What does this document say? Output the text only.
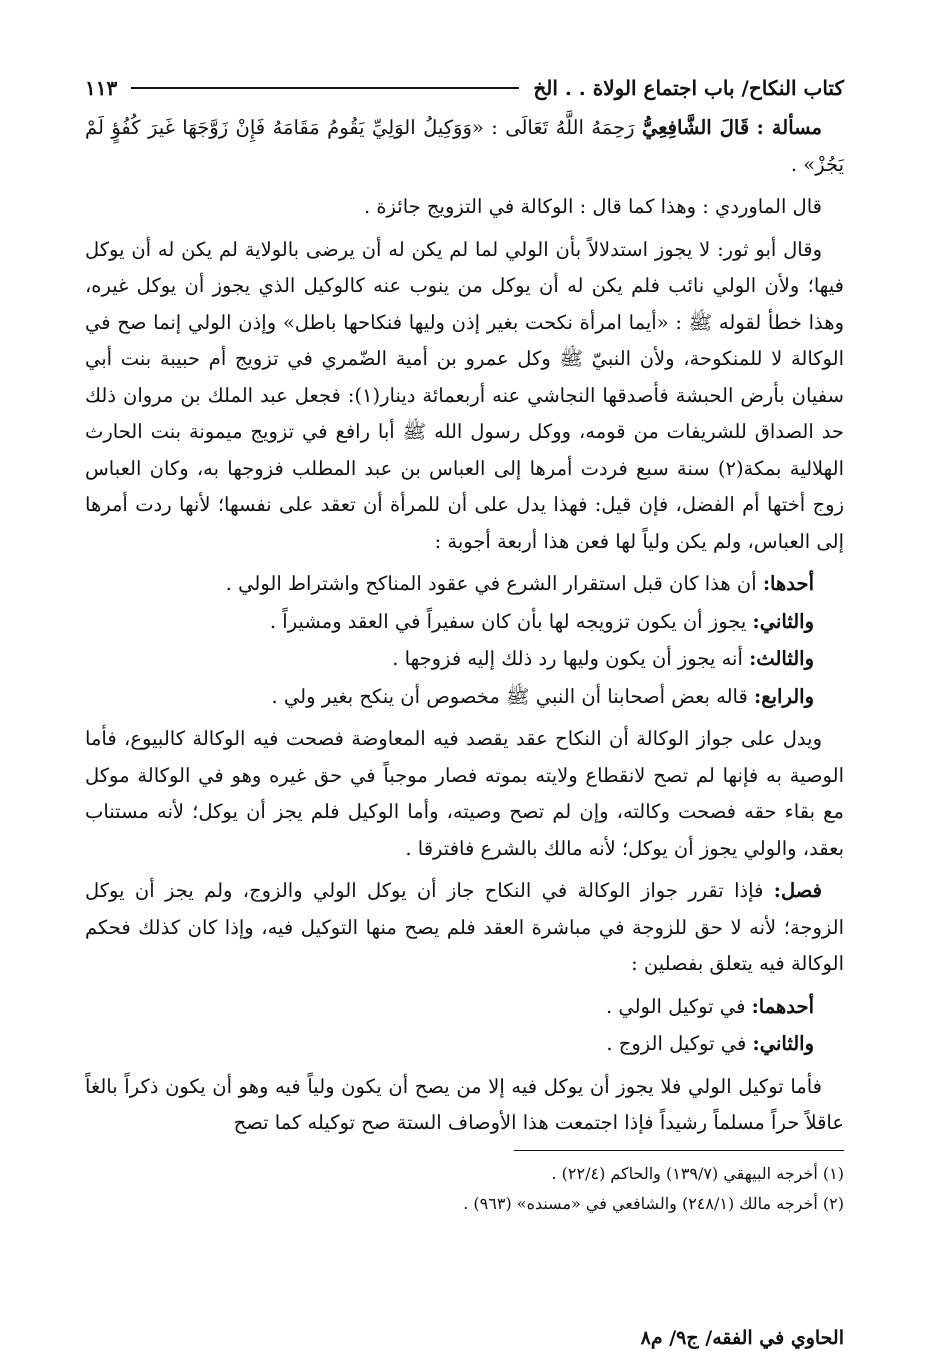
كتاب النكاح/ باب اجتماع الولاة . . الخ
١١٣

مسألة : قَالَ الشَّافِعِيُّ رَحِمَهُ اللَّهُ تَعَالَى : «وَوَكِيلُ الوَلِيِّ يَقُومُ مَقَامَهُ فَإِنْ زَوَّجَهَا غَيرَ كُفُؤٍ لَمْ يَجُزْ» .

قال الماوردي : وهذا كما قال : الوكالة في التزويج جائزة .

وقال أبو ثور: لا يجوز استدلالاً بأن الولي لما لم يكن له أن يرضى بالولاية لم يكن له أن يوكل فيها؛ ولأن الولي نائب فلم يكن له أن يوكل من ينوب عنه كالوكيل الذي يجوز أن يوكل غيره، وهذا خطأ لقوله ﷺ : «أيما امرأة نكحت بغير إذن وليها فنكاحها باطل» وإذن الولي إنما صح في الوكالة لا للمنكوحة، ولأن النبيّ ﷺ وكل عمرو بن أمية الضّمري في تزويج أم حبيبة بنت أبي سفيان بأرض الحبشة فأصدقها النجاشي عنه أربعمائة دينار(١): فجعل عبد الملك بن مروان ذلك حد الصداق للشريفات من قومه، ووكل رسول الله ﷺ أبا رافع في تزويج ميمونة بنت الحارث الهلالية بمكة(٢) سنة سبع فردت أمرها إلى العباس بن عبد المطلب فزوجها به، وكان العباس زوج أختها أم الفضل، فإن قيل: فهذا يدل على أن للمرأة أن تعقد على نفسها؛ لأنها ردت أمرها إلى العباس، ولم يكن ولياً لها فعن هذا أربعة أجوبة :

أحدها: أن هذا كان قبل استقرار الشرع في عقود المناكح واشتراط الولي .

والثاني: يجوز أن يكون تزويجه لها بأن كان سفيراً في العقد ومشيراً .

والثالث: أنه يجوز أن يكون وليها رد ذلك إليه فزوجها .

والرابع: قاله بعض أصحابنا أن النبي ﷺ مخصوص أن ينكح بغير ولي .

ويدل على جواز الوكالة أن النكاح عقد يقصد فيه المعاوضة فصحت فيه الوكالة كالبيوع، فأما الوصية به فإنها لم تصح لانقطاع ولايته بموته فصار موجباً في حق غيره وهو في الوكالة موكل مع بقاء حقه فصحت وكالته، وإن لم تصح وصيته، وأما الوكيل فلم يجز أن يوكل؛ لأنه مستناب بعقد، والولي يجوز أن يوكل؛ لأنه مالك بالشرع فافترقا .

فصل: فإذا تقرر جواز الوكالة في النكاح جاز أن يوكل الولي والزوج، ولم يجز أن يوكل الزوجة؛ لأنه لا حق للزوجة في مباشرة العقد فلم يصح منها التوكيل فيه، وإذا كان كذلك فحكم الوكالة فيه يتعلق بفصلين :

أحدهما: في توكيل الولي .

والثاني: في توكيل الزوج .

فأما توكيل الولي فلا يجوز أن يوكل فيه إلا من يصح أن يكون ولياً فيه وهو أن يكون ذكراً بالغاً عاقلاً حراً مسلماً رشيداً فإذا اجتمعت هذا الأوصاف الستة صح توكيله كما تصح

(١) أخرجه البيهقي (١٣٩/٧) والحاكم (٢٢/٤) .

(٢) أخرجه مالك (٢٤٨/١) والشافعي في «مسنده» (٩٦٣) .

الحاوي في الفقه/ ج٩/ م٨
